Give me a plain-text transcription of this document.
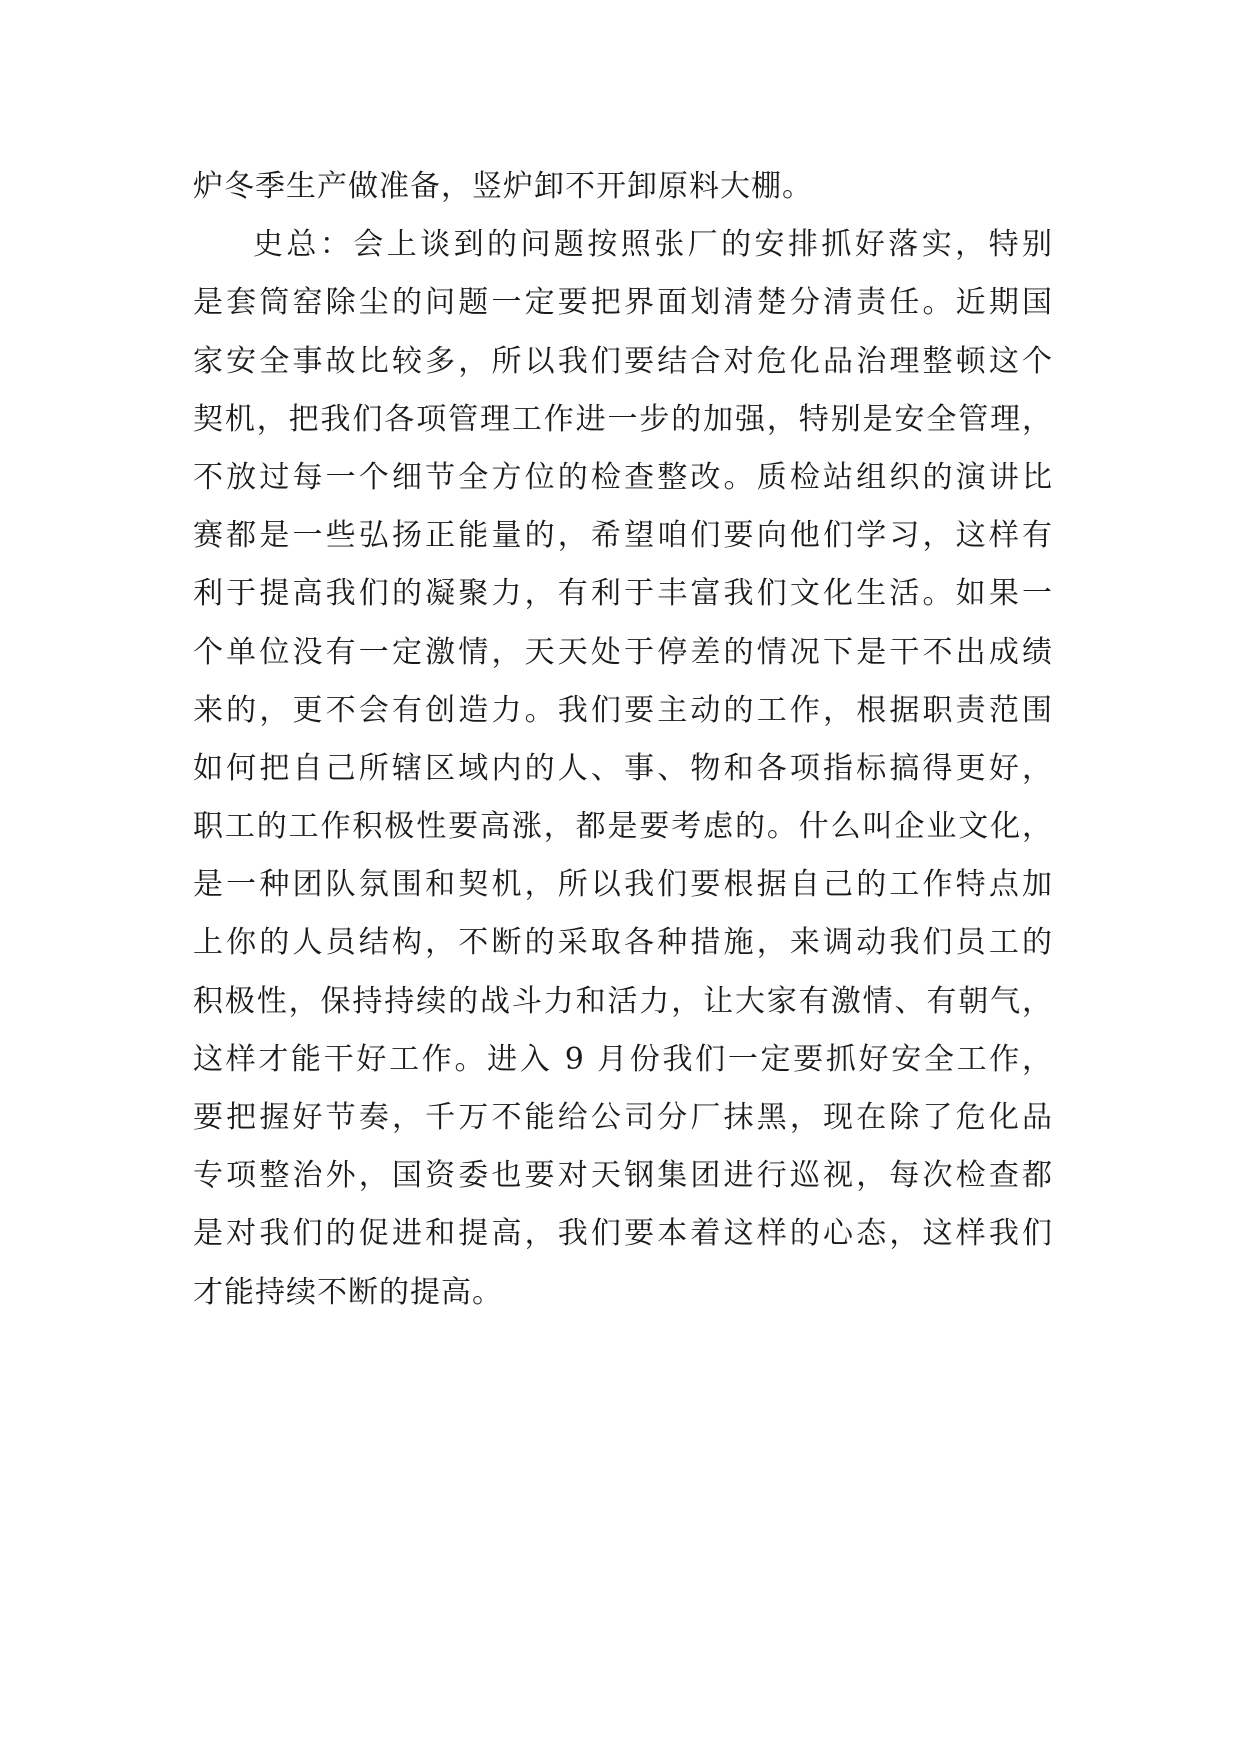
炉冬季生产做准备，竖炉卸不开卸原料大棚。
史总：会上谈到的问题按照张厂的安排抓好落实，特别
是套筒窑除尘的问题一定要把界面划清楚分清责任。近期国
家安全事故比较多，所以我们要结合对危化品治理整顿这个
契机，把我们各项管理工作进一步的加强，特别是安全管理，
不放过每一个细节全方位的检查整改。质检站组织的演讲比
赛都是一些弘扬正能量的，希望咱们要向他们学习，这样有
利于提高我们的凝聚力，有利于丰富我们文化生活。如果一
个单位没有一定激情，天天处于停差的情况下是干不出成绩
来的，更不会有创造力。我们要主动的工作，根据职责范围
如何把自己所辖区域内的人、事、物和各项指标搞得更好，
职工的工作积极性要高涨，都是要考虑的。什么叫企业文化，
是一种团队氛围和契机，所以我们要根据自己的工作特点加
上你的人员结构，不断的采取各种措施，来调动我们员工的
积极性，保持持续的战斗力和活力，让大家有激情、有朝气，
这样才能干好工作。进入 9 月份我们一定要抓好安全工作，
要把握好节奏，千万不能给公司分厂抹黑，现在除了危化品
专项整治外，国资委也要对天钢集团进行巡视，每次检查都
是对我们的促进和提高，我们要本着这样的心态，这样我们
才能持续不断的提高。
